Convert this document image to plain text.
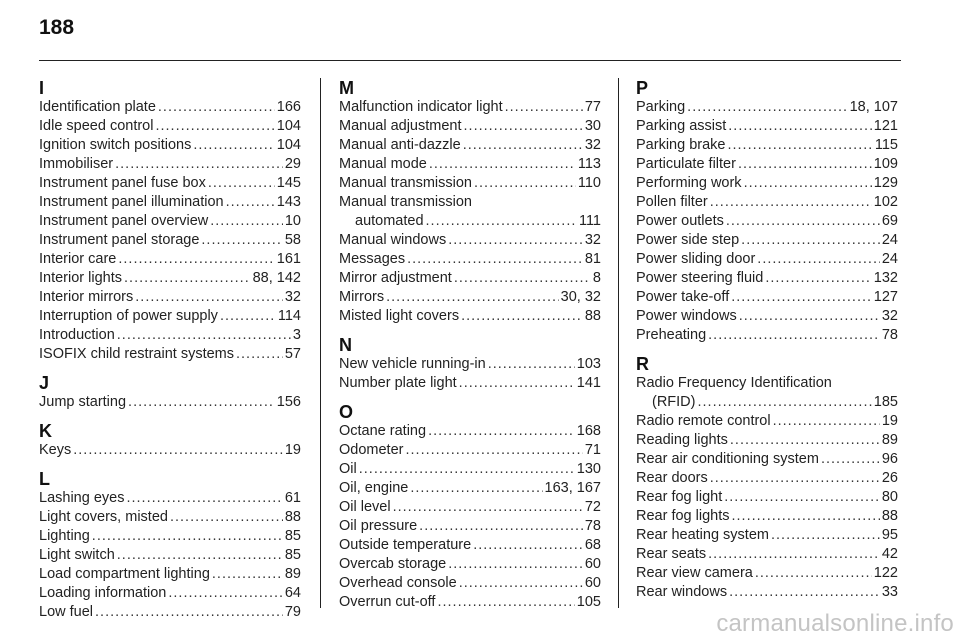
188
I
Identification plate .....	166
Idle speed control .....	104
Ignition switch positions .....	104
Immobiliser .....	29
Instrument panel fuse box .....	145
Instrument panel illumination .....	143
Instrument panel overview .....	10
Instrument panel storage .....	58
Interior care .....	161
Interior lights .....	88, 142
Interior mirrors .....	32
Interruption of power supply .....	114
Introduction .....	3
ISOFIX child restraint systems .....	57
J
Jump starting .....	156
K
Keys .....	19
L
Lashing eyes .....	61
Light covers, misted .....	88
Lighting .....	85
Light switch .....	85
Load compartment lighting .....	89
Loading information .....	64
Low fuel .....	79
M
Malfunction indicator light .....	77
Manual adjustment .....	30
Manual anti-dazzle .....	32
Manual mode .....	113
Manual transmission .....	110
Manual transmission
automated .....	111
Manual windows .....	32
Messages .....	81
Mirror adjustment .....	8
Mirrors .....	30, 32
Misted light covers .....	88
N
New vehicle running-in .....	103
Number plate light .....	141
O
Octane rating .....	168
Odometer .....	71
Oil .....	130
Oil, engine .....	163, 167
Oil level .....	72
Oil pressure .....	78
Outside temperature .....	68
Overcab storage .....	60
Overhead console .....	60
Overrun cut-off .....	105
P
Parking .....	18, 107
Parking assist .....	121
Parking brake .....	115
Particulate filter .....	109
Performing work .....	129
Pollen filter .....	102
Power outlets .....	69
Power side step .....	24
Power sliding door .....	24
Power steering fluid .....	132
Power take-off .....	127
Power windows .....	32
Preheating .....	78
R
Radio Frequency Identification
(RFID) .....	185
Radio remote control .....	19
Reading lights .....	89
Rear air conditioning system .....	96
Rear doors .....	26
Rear fog light .....	80
Rear fog lights .....	88
Rear heating system .....	95
Rear seats .....	42
Rear view camera .....	122
Rear windows .....	33
carmanualsonline.info
